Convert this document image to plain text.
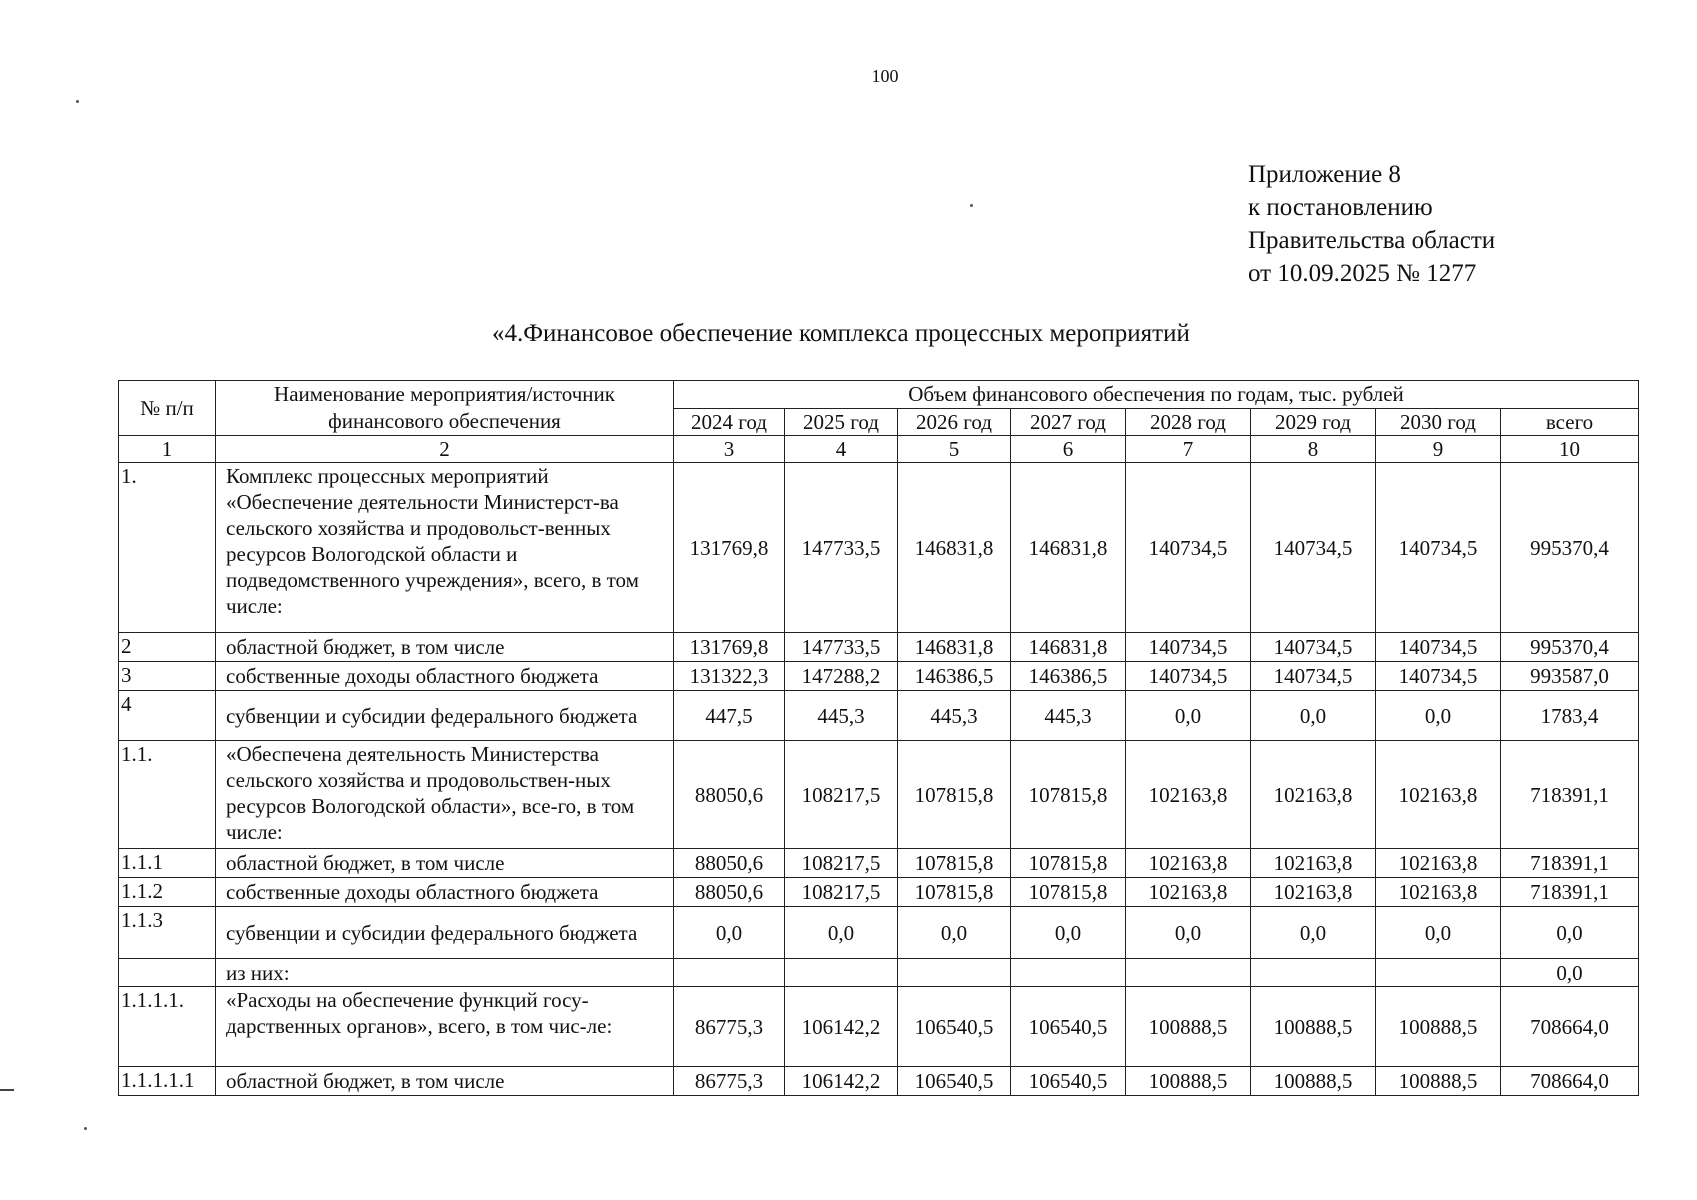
100
Приложение 8
к постановлению
Правительства области
от 10.09.2025 № 1277
«4.Финансовое обеспечение комплекса процессных мероприятий
№ п/п	Наименование мероприятия/источник финансового обеспечения	Объем финансового обеспечения по годам, тыс. рублей							
		2024 год	2025 год	2026 год	2027 год	2028 год	2029 год	2030 год	всего
1	2	3	4	5	6	7	8	9	10
1.	Комплекс процессных мероприятий «Обеспечение деятельности Министерст-ва сельского хозяйства и продовольст-венных ресурсов Вологодской области и подведомственного учреждения», всего, в том числе:	131769,8	147733,5	146831,8	146831,8	140734,5	140734,5	140734,5	995370,4
2	областной бюджет, в том числе	131769,8	147733,5	146831,8	146831,8	140734,5	140734,5	140734,5	995370,4
3	собственные доходы областного бюджета	131322,3	147288,2	146386,5	146386,5	140734,5	140734,5	140734,5	993587,0
4	субвенции и субсидии федерального бюджета	447,5	445,3	445,3	445,3	0,0	0,0	0,0	1783,4
1.1.	«Обеспечена деятельность Министерства сельского хозяйства и продовольствен-ных ресурсов Вологодской области», все-го, в том числе:	88050,6	108217,5	107815,8	107815,8	102163,8	102163,8	102163,8	718391,1
1.1.1	областной бюджет, в том числе	88050,6	108217,5	107815,8	107815,8	102163,8	102163,8	102163,8	718391,1
1.1.2	собственные доходы областного бюджета	88050,6	108217,5	107815,8	107815,8	102163,8	102163,8	102163,8	718391,1
1.1.3	субвенции и субсидии федерального бюджета	0,0	0,0	0,0	0,0	0,0	0,0	0,0	0,0
	из них:								0,0
1.1.1.1.	«Расходы на обеспечение функций госу-дарственных органов», всего, в том чис-ле:	86775,3	106142,2	106540,5	106540,5	100888,5	100888,5	100888,5	708664,0
1.1.1.1.1	областной бюджет, в том числе	86775,3	106142,2	106540,5	106540,5	100888,5	100888,5	100888,5	708664,0
